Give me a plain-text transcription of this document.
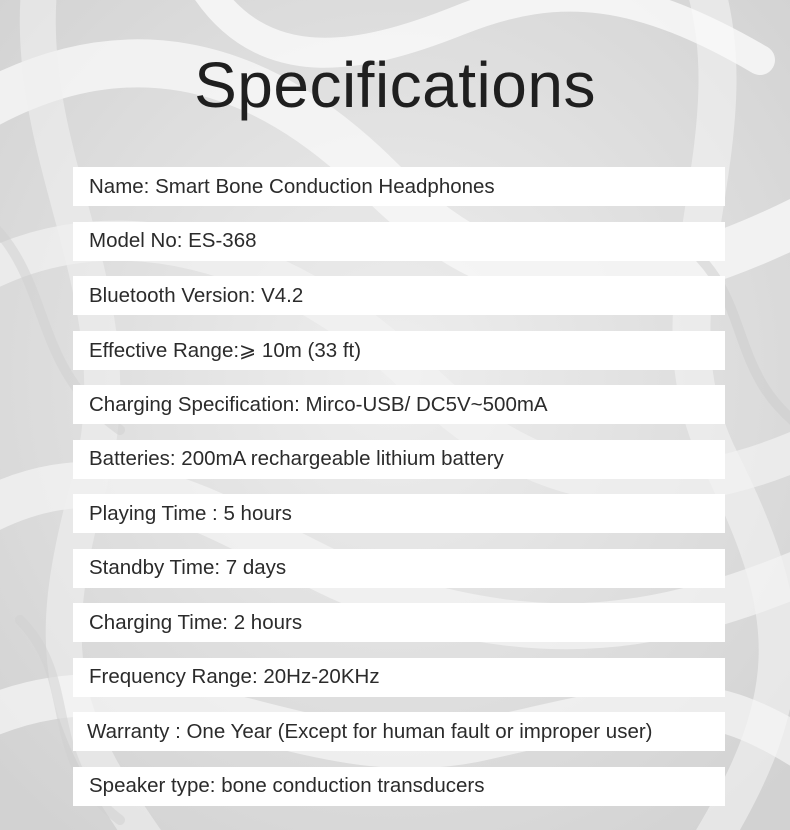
Specifications
Name: Smart Bone Conduction Headphones
Model No: ES-368
Bluetooth Version: V4.2
Effective Range:⩾ 10m (33 ft)
Charging Specification: Mirco-USB/ DC5V~500mA
Batteries: 200mA rechargeable lithium battery
Playing Time : 5 hours
Standby Time: 7 days
Charging Time: 2 hours
Frequency Range: 20Hz-20KHz
Warranty : One Year (Except for human fault or improper user)
Speaker type: bone conduction transducers
